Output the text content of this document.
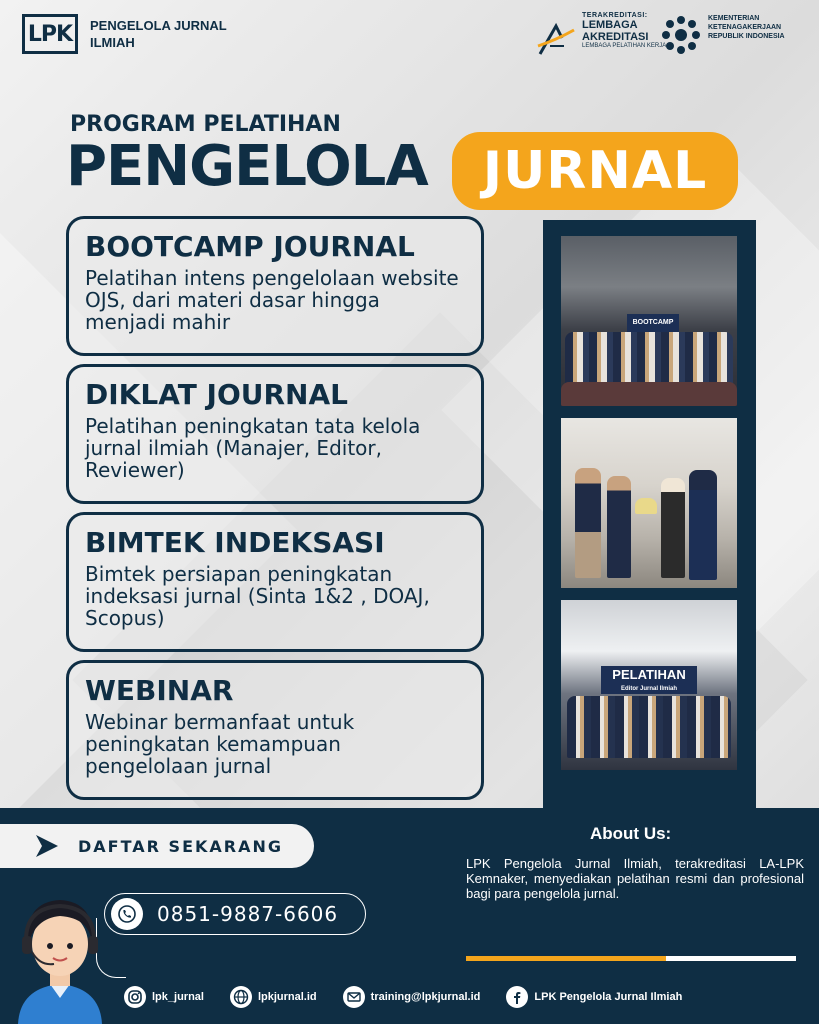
LPK	PENGELOLA JURNAL ILMIAH
TERAKREDITASI:
LEMBAGA AKREDITASI
LEMBAGA PELATIHAN KERJA
KEMENTERIAN KETENAGAKERJAAN REPUBLIK INDONESIA
PROGRAM PELATIHAN
PENGELOLA	JURNAL
BOOTCAMP JOURNAL
Pelatihan intens pengelolaan website OJS, dari materi dasar hingga menjadi mahir
DIKLAT JOURNAL
Pelatihan peningkatan tata kelola jurnal ilmiah (Manajer, Editor, Reviewer)
BIMTEK INDEKSASI
Bimtek persiapan peningkatan indeksasi jurnal (Sinta 1&2 , DOAJ, Scopus)
WEBINAR
Webinar bermanfaat untuk peningkatan kemampuan pengelolaan jurnal
BOOTCAMP
PELATIHAN
Editor Jurnal Ilmiah
DAFTAR SEKARANG
0851-9887-6606
About Us:
LPK Pengelola Jurnal Ilmiah, terakreditasi LA-LPK Kemnaker, menyediakan pelatihan resmi dan profesional bagi para pengelola jurnal.
lpk_jurnal	lpkjurnal.id	training@lpkjurnal.id	LPK Pengelola Jurnal Ilmiah
